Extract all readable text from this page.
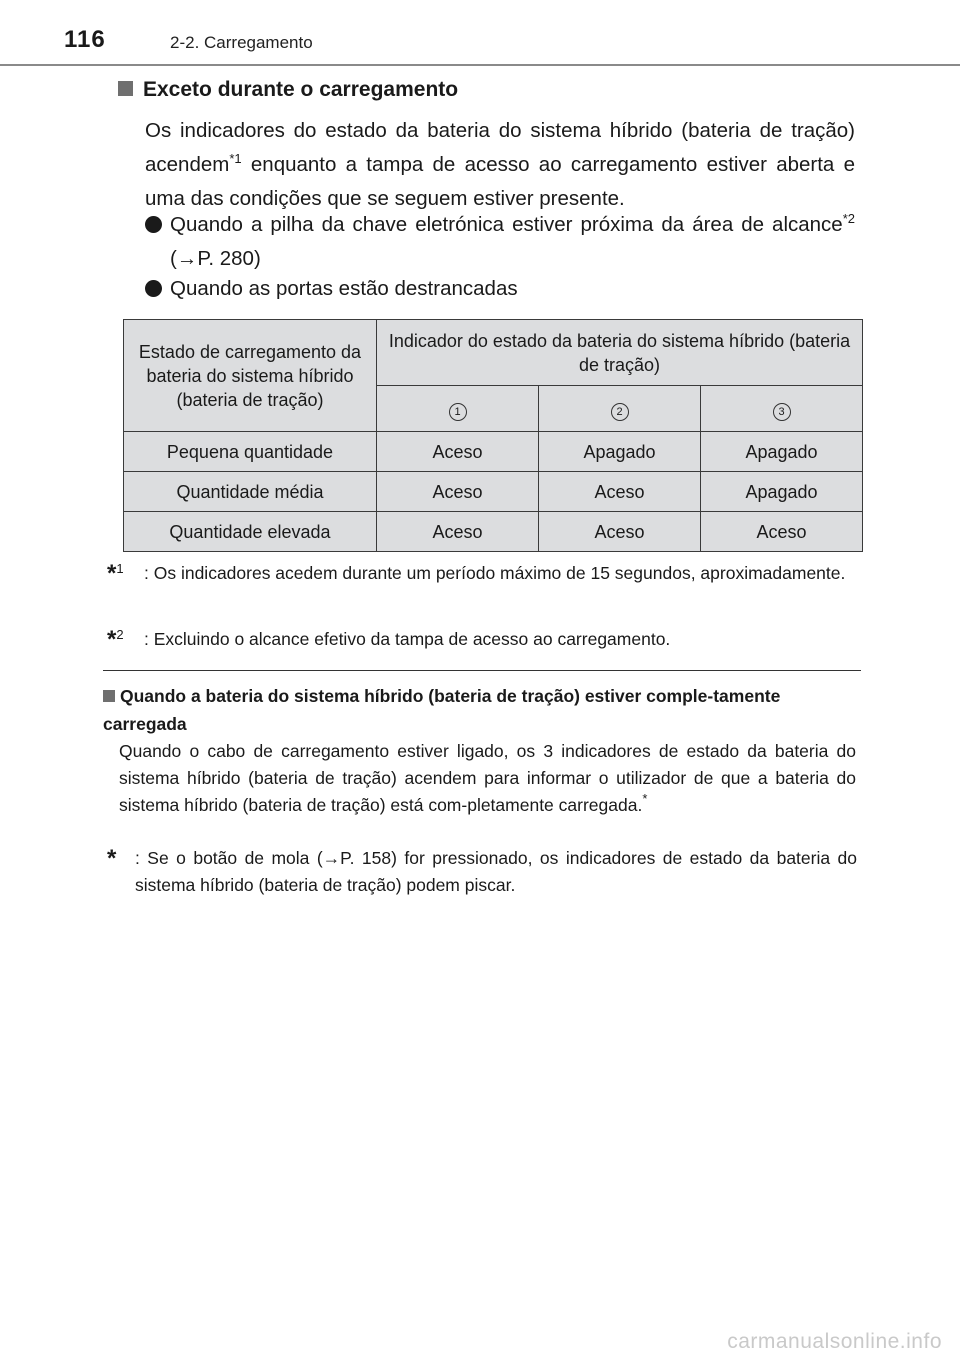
116	2-2. Carregamento
Exceto durante o carregamento
Os indicadores do estado da bateria do sistema híbrido (bateria de tração) acendem$^{*1}$ enquanto a tampa de acesso ao carregamento estiver aberta e uma das condições que se seguem estiver presente.
Quando a pilha da chave eletrónica estiver próxima da área de alcance$^{*2}$ (→P. 280)
Quando as portas estão destrancadas
Estado de carregamento da bateria do sistema híbrido (bateria de tração)	Indicador do estado da bateria do sistema híbrido (bateria de tração)		
	1	2	3
Pequena quantidade	Aceso	Apagado	Apagado
Quantidade média	Aceso	Aceso	Apagado
Quantidade elevada	Aceso	Aceso	Aceso
*$^1$ : Os indicadores acedem durante um período máximo de 15 segundos, aproximadamente.
*$^2$ : Excluindo o alcance efetivo da tampa de acesso ao carregamento.
Quando a bateria do sistema híbrido (bateria de tração) estiver comple-tamente carregada
Quando o cabo de carregamento estiver ligado, os 3 indicadores de estado da bateria do sistema híbrido (bateria de tração) acendem para informar o utilizador de que a bateria do sistema híbrido (bateria de tração) está com-pletamente carregada.*
* : Se o botão de mola (→P. 158) for pressionado, os indicadores de estado da bateria do sistema híbrido (bateria de tração) podem piscar.
carmanualsonline.info
